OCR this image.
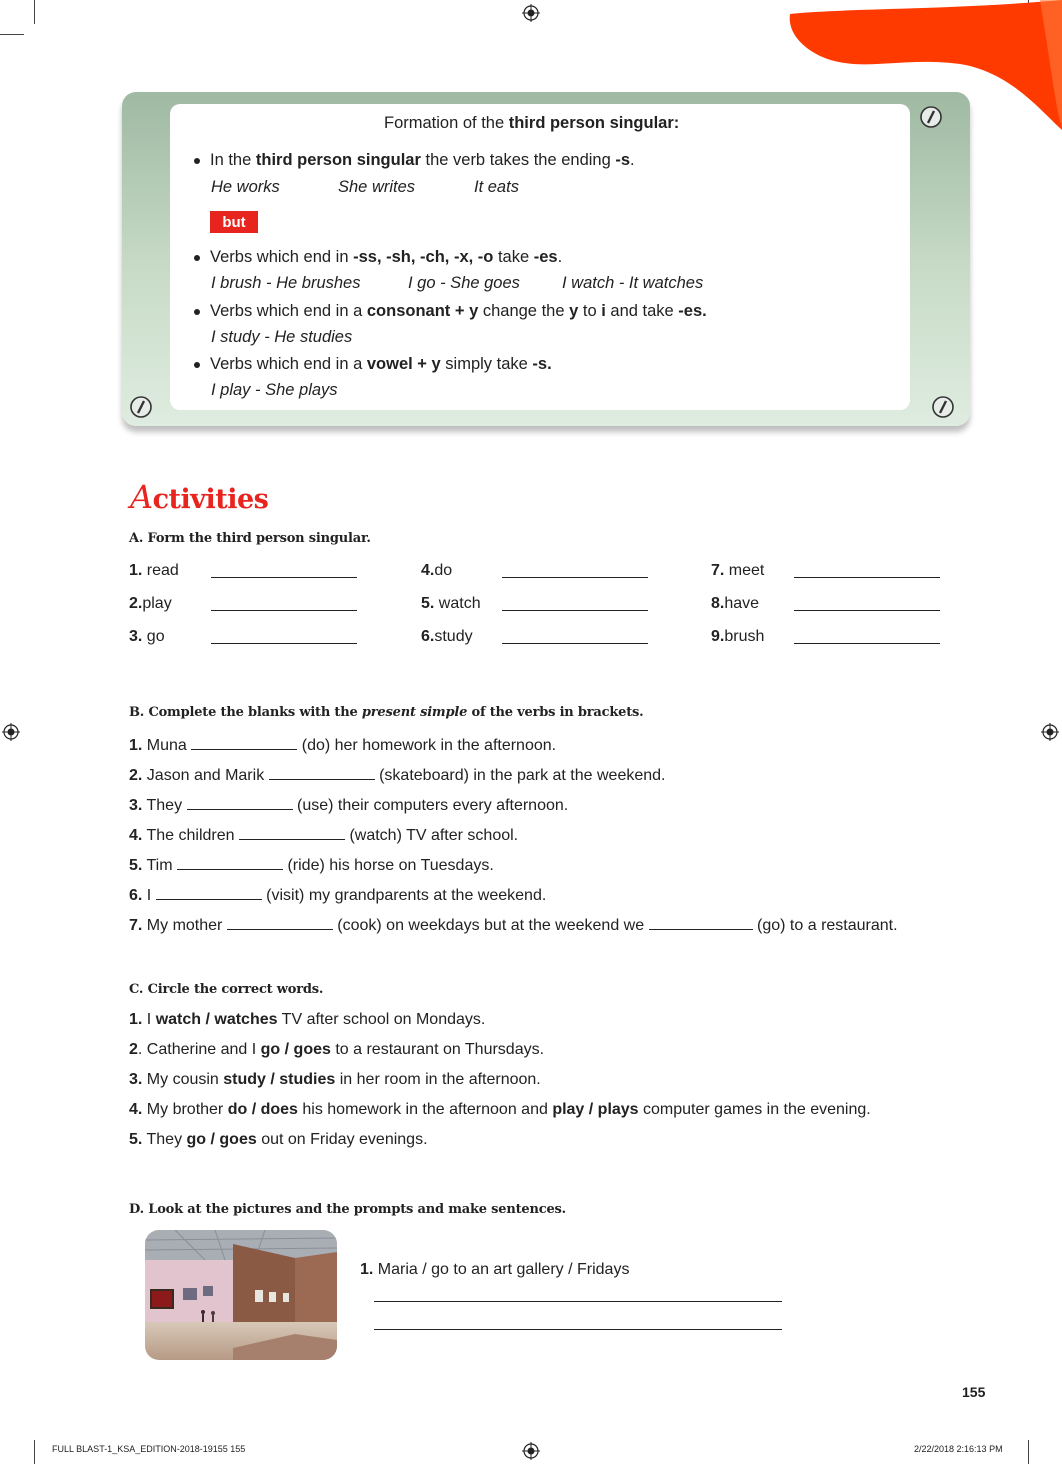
Formation of the third person singular:
In the third person singular the verb takes the ending -s.
He works	She writes	It eats
but
Verbs which end in -ss, -sh, -ch, -x, -o take -es.
I brush - He brushes	I go - She goes	I watch - It watches
Verbs which end in a consonant + y change the y to i and take -es.
I study - He studies
Verbs which end in a vowel + y simply take -s.
I play - She plays
Activities
A. Form the third person singular.
1. read
2.play
3. go
4.do
5. watch
6.study
7. meet
8.have
9.brush
B. Complete the blanks with the present simple of the verbs in brackets.
1. Muna	(do) her homework in the afternoon.
2. Jason and Marik	(skateboard) in the park at the weekend.
3. They	(use) their computers every afternoon.
4. The children	(watch) TV after school.
5. Tim	(ride) his horse on Tuesdays.
6. I	(visit) my grandparents at the weekend.
7. My mother	(cook) on weekdays but at the weekend we	(go) to a restaurant.
C. Circle the correct words.
1. I watch / watches TV after school on Mondays.
2. Catherine and I go / goes to a restaurant on Thursdays.
3. My cousin study / studies in her room in the afternoon.
4. My brother do / does his homework in the afternoon and play / plays computer games in the evening.
5. They go / goes out on Friday evenings.
D. Look at the pictures and the prompts and make sentences.
1. Maria / go to an art gallery / Fridays
155
FULL BLAST-1_KSA_EDITION-2018-19155 155	2/22/2018 2:16:13 PM
